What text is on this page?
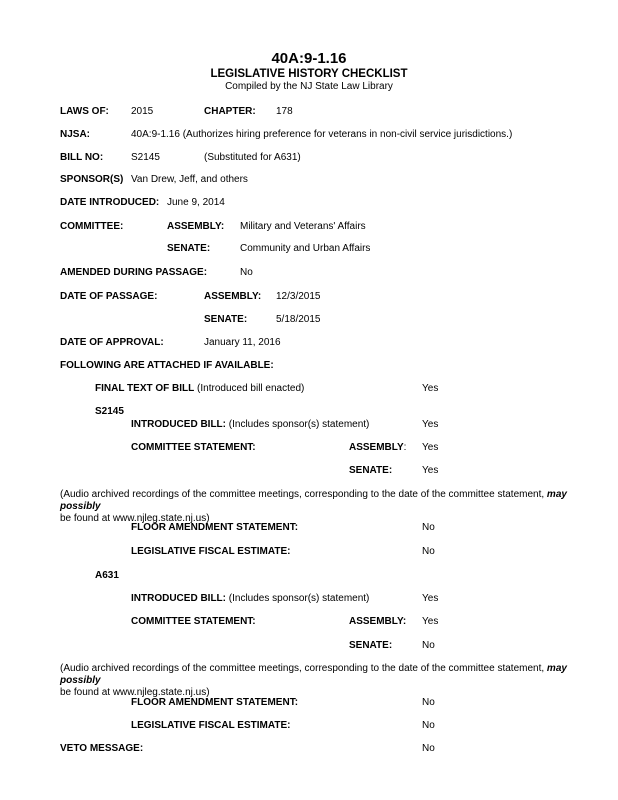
40A:9-1.16
LEGISLATIVE HISTORY CHECKLIST
Compiled by the NJ State Law Library
LAWS OF: 2015	CHAPTER: 178
NJSA:	40A:9-1.16 (Authorizes hiring preference for veterans in non-civil service jurisdictions.)
BILL NO:	S2145	(Substituted for A631)
SPONSOR(S) Van Drew, Jeff, and others
DATE INTRODUCED: June 9, 2014
COMMITTEE:	ASSEMBLY: Military and Veterans' Affairs
SENATE:	Community and Urban Affairs
AMENDED DURING PASSAGE:	No
DATE OF PASSAGE:	ASSEMBLY: 12/3/2015
SENATE:	5/18/2015
DATE OF APPROVAL:	January 11, 2016
FOLLOWING ARE ATTACHED IF AVAILABLE:
FINAL TEXT OF BILL (Introduced bill enacted)	Yes
S2145
INTRODUCED BILL: (Includes sponsor(s) statement)	Yes
COMMITTEE STATEMENT:	ASSEMBLY: Yes
SENATE:	Yes
(Audio archived recordings of the committee meetings, corresponding to the date of the committee statement, may possibly
be found at www.njleg.state.nj.us)
FLOOR AMENDMENT STATEMENT:	No
LEGISLATIVE FISCAL ESTIMATE:	No
A631
INTRODUCED BILL: (Includes sponsor(s) statement)	Yes
COMMITTEE STATEMENT:	ASSEMBLY: Yes
SENATE:	No
(Audio archived recordings of the committee meetings, corresponding to the date of the committee statement, may possibly
be found at www.njleg.state.nj.us)
FLOOR AMENDMENT STATEMENT:	No
LEGISLATIVE FISCAL ESTIMATE:	No
VETO MESSAGE:	No
